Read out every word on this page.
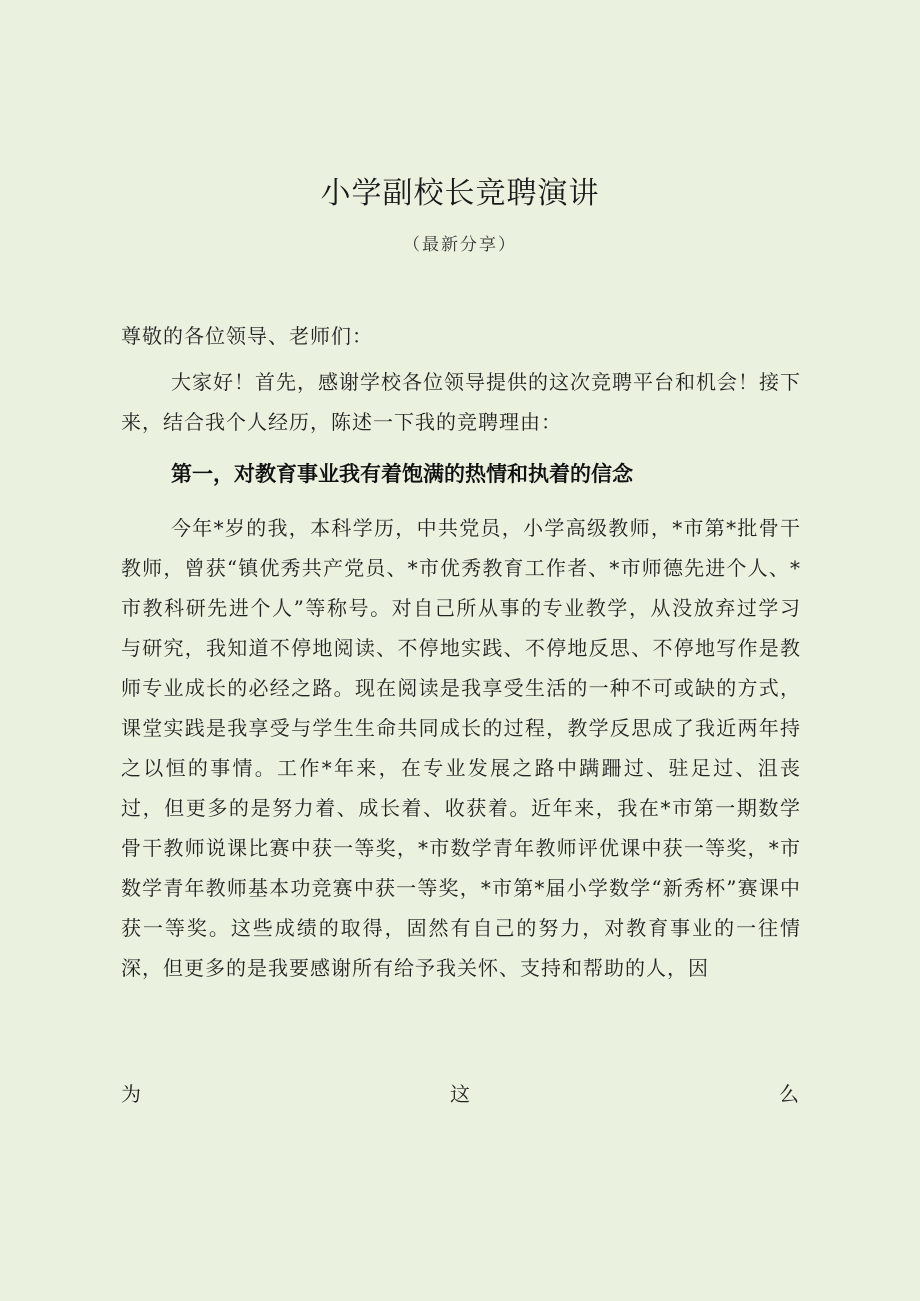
小学副校长竞聘演讲
（最新分享）
尊敬的各位领导、老师们：
大家好！首先，感谢学校各位领导提供的这次竞聘平台和机会！接下来，结合我个人经历，陈述一下我的竞聘理由：
第一，对教育事业我有着饱满的热情和执着的信念
今年*岁的我，本科学历，中共党员，小学高级教师，*市第*批骨干教师，曾获“镇优秀共产党员、*市优秀教育工作者、*市师德先进个人、*市教科研先进个人”等称号。对自己所从事的专业教学，从没放弃过学习与研究，我知道不停地阅读、不停地实践、不停地反思、不停地写作是教师专业成长的必经之路。现在阅读是我享受生活的一种不可或缺的方式，课堂实践是我享受与学生生命共同成长的过程，教学反思成了我近两年持之以恒的事情。工作*年来，在专业发展之路中蹒跚过、驻足过、沮丧过，但更多的是努力着、成长着、收获着。近年来，我在*市第一期数学骨干教师说课比赛中获一等奖，*市数学青年教师评优课中获一等奖，*市数学青年教师基本功竞赛中获一等奖，*市第*届小学数学“新秀杯”赛课中获一等奖。这些成绩的取得，固然有自己的努力，对教育事业的一往情深，但更多的是我要感谢所有给予我关怀、支持和帮助的人，因
为	这	么
